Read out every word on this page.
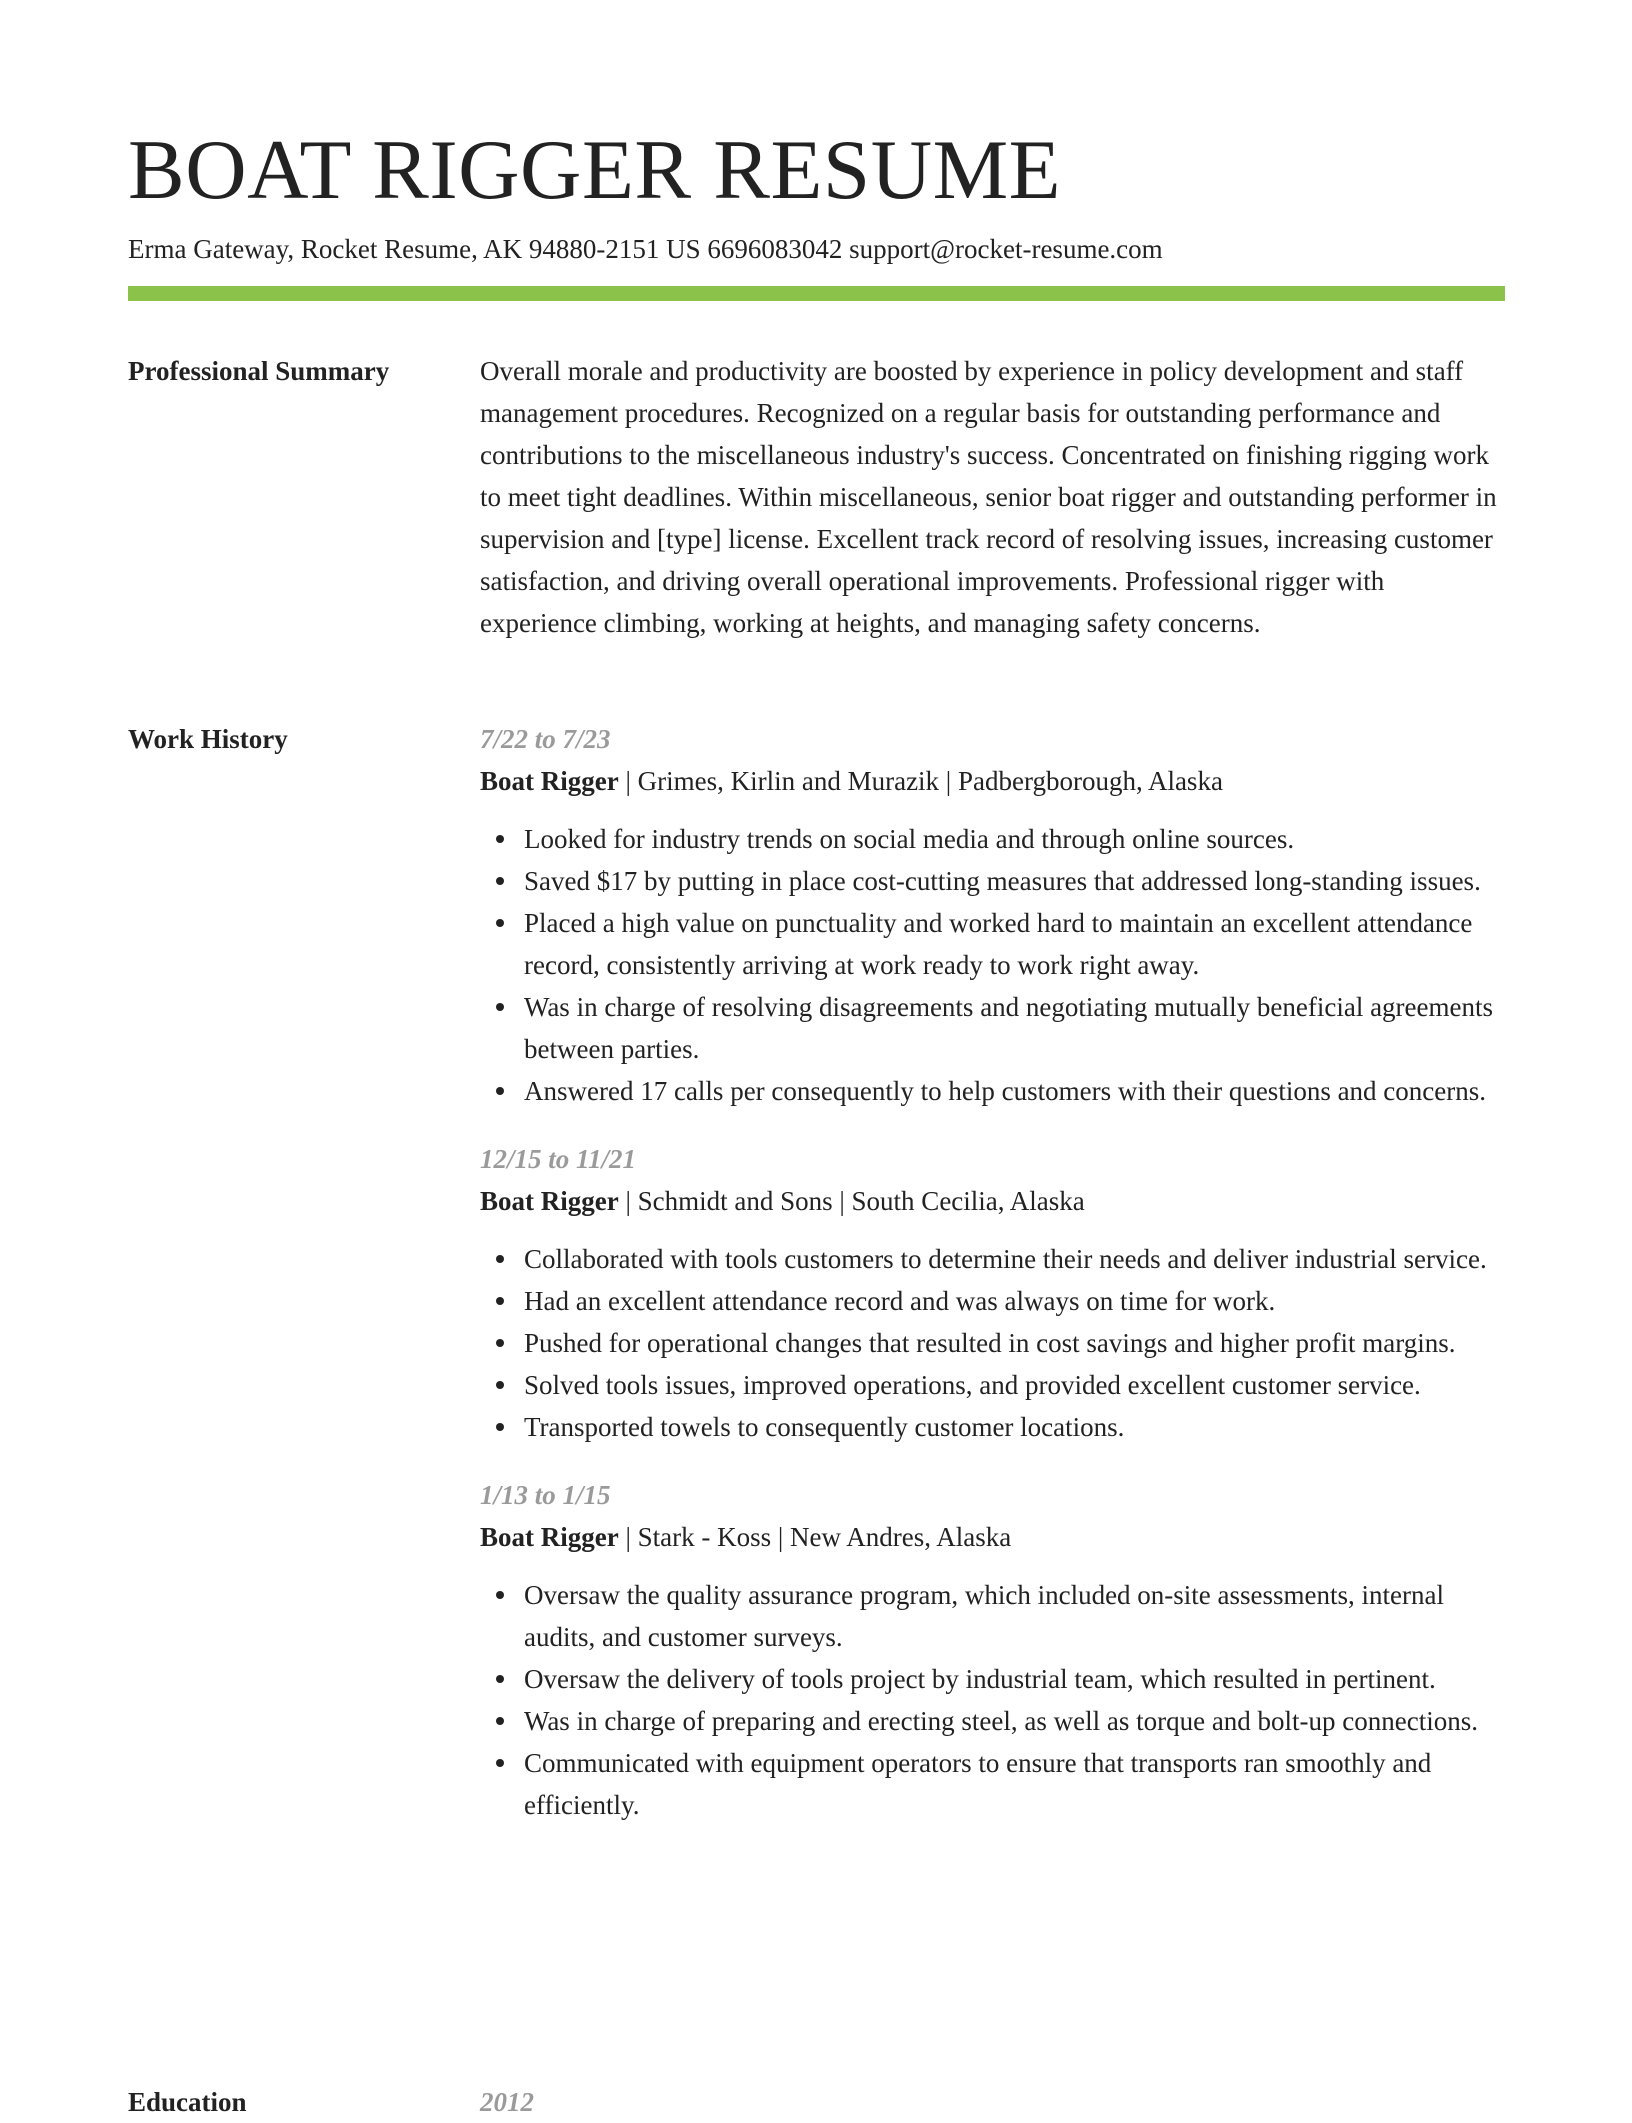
BOAT RIGGER RESUME
Erma Gateway, Rocket Resume, AK 94880-2151 US 6696083042 support@rocket-resume.com
Professional Summary	Overall morale and productivity are boosted by experience in policy development and staff management procedures. Recognized on a regular basis for outstanding performance and contributions to the miscellaneous industry's success. Concentrated on finishing rigging work to meet tight deadlines. Within miscellaneous, senior boat rigger and outstanding performer in supervision and [type] license. Excellent track record of resolving issues, increasing customer satisfaction, and driving overall operational improvements. Professional rigger with experience climbing, working at heights, and managing safety concerns.

Work History	7/22 to 7/23
Boat Rigger | Grimes, Kirlin and Murazik | Padbergborough, Alaska
Looked for industry trends on social media and through online sources.
Saved $17 by putting in place cost-cutting measures that addressed long-standing issues.
Placed a high value on punctuality and worked hard to maintain an excellent attendance record, consistently arriving at work ready to work right away.
Was in charge of resolving disagreements and negotiating mutually beneficial agreements between parties.
Answered 17 calls per consequently to help customers with their questions and concerns.
12/15 to 11/21
Boat Rigger | Schmidt and Sons | South Cecilia, Alaska
Collaborated with tools customers to determine their needs and deliver industrial service.
Had an excellent attendance record and was always on time for work.
Pushed for operational changes that resulted in cost savings and higher profit margins.
Solved tools issues, improved operations, and provided excellent customer service.
Transported towels to consequently customer locations.
1/13 to 1/15
Boat Rigger | Stark - Koss | New Andres, Alaska
Oversaw the quality assurance program, which included on-site assessments, internal audits, and customer surveys.
Oversaw the delivery of tools project by industrial team, which resulted in pertinent.
Was in charge of preparing and erecting steel, as well as torque and bolt-up connections.
Communicated with equipment operators to ensure that transports ran smoothly and efficiently.
Education	2012
